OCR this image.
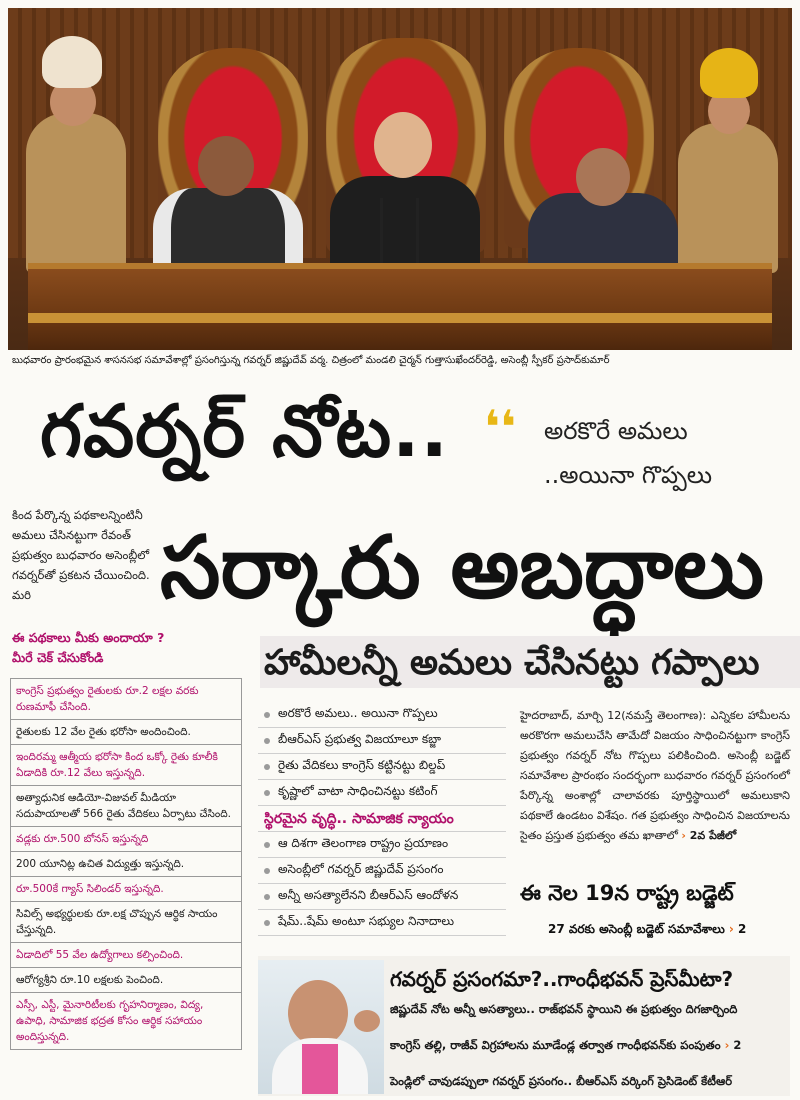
బుధవారం ప్రారంభమైన శాసనసభ సమావేశాల్లో ప్రసంగిస్తున్న గవర్నర్ జిష్ణుదేవ్ వర్మ. చిత్రంలో మండలి చైర్మన్ గుత్తాసుఖేందర్‌రెడ్డి, అసెంబ్లీ స్పీకర్ ప్రసాద్‌కుమార్
గవర్నర్ నోట.. ❛❛ అరకొరే అమలు
..అయినా గొప్పలు
సర్కారు అబద్ధాలు
కింద పేర్కొన్న పథకాలన్నింటినీ అమలు చేసినట్టుగా రేవంత్ ప్రభుత్వం బుధవారం అసెంబ్లీలో గవర్నర్‌తో ప్రకటన చేయించింది. మరి
ఈ పథకాలు మీకు అందాయా ?
మీరే చెక్ చేసుకోండి	హామీలన్నీ అమలు చేసినట్టు గప్పాలు
కాంగ్రెస్ ప్రభుత్వం రైతులకు రూ.2 లక్షల వరకు రుణమాఫీ చేసింది.
రైతులకు 12 వేల రైతు భరోసా అందించింది.
ఇందిరమ్మ ఆత్మీయ భరోసా కింద ఒక్కో రైతు కూలీకి ఏడాదికి రూ.12 వేలు ఇస్తున్నది.
అత్యాధునిక ఆడియో-విజువల్ మీడియా సదుపాయాలతో 566 రైతు వేదికలు ఏర్పాటు చేసింది.
వడ్లకు రూ.500 బోనస్ ఇస్తున్నది
200 యూనిట్ల ఉచిత విద్యుత్తు ఇస్తున్నది.
రూ.500కే గ్యాస్ సిలిండర్ ఇస్తున్నది.
సివిల్స్ అభ్యర్థులకు రూ.లక్ష చొప్పున ఆర్థిక సాయం చేస్తున్నది.
ఏడాదిలో 55 వేల ఉద్యోగాలు కల్పించింది.
ఆరోగ్యశ్రీని రూ.10 లక్షలకు పెంచింది.
ఎస్సీ, ఎస్టీ, మైనారిటీలకు గృహనిర్మాణం, విద్య, ఉపాధి, సామాజిక భద్రత కోసం ఆర్థిక సహాయం అందిస్తున్నది.
అరకొరే అమలు.. అయినా గొప్పలు
బీఆర్‌ఎస్ ప్రభుత్వ విజయాలూ కబ్జా
రైతు వేదికలు కాంగ్రెస్ కట్టినట్టు బిల్డప్
కృష్ణాలో వాటా సాధించినట్టు కటింగ్
స్థిరమైన వృద్ధి.. సామాజిక న్యాయం
ఆ దిశగా తెలంగాణ రాష్ట్రం ప్రయాణం
అసెంబ్లీలో గవర్నర్ జిష్ణుదేవ్ ప్రసంగం
అన్నీ అసత్యాలేనని బీఆర్‌ఎస్ ఆందోళన
షేమ్..షేమ్ అంటూ సభ్యుల నినాదాలు
హైదరాబాద్, మార్చి 12(నమస్తే తెలంగాణ): ఎన్నికల హామీలను అరకొరగా అమలుచేసి తామేదో విజయం సాధించినట్టుగా కాంగ్రెస్ ప్రభుత్వం గవర్నర్ నోట గొప్పలు పలికించింది. అసెంబ్లీ బడ్జెట్ సమావేశాల ప్రారంభం సందర్భంగా బుధవారం గవర్నర్ ప్రసంగంలో పేర్కొన్న అంశాల్లో చాలావరకు పూర్తిస్థాయిలో అమలుకాని పథకాలే ఉండటం విశేషం. గత ప్రభుత్వం సాధించిన విజయాలను సైతం ప్రస్తుత ప్రభుత్వం తమ ఖాతాలో › 2వ పేజీలో
ఈ నెల 19న రాష్ట్ర బడ్జెట్
27 వరకు అసెంబ్లీ బడ్జెట్ సమావేశాలు › 2
గవర్నర్ ప్రసంగమా?..గాంధీభవన్ ప్రెస్‌మీటా?
జిష్ణుదేవ్ నోట అన్నీ అసత్యాలు.. రాజ్‌భవన్ స్థాయిని ఈ ప్రభుత్వం దిగజార్చింది
కాంగ్రెస్ తల్లి, రాజీవ్ విగ్రహాలను మూడేండ్ల తర్వాత గాంధీభవన్‌కు పంపుతం › 2
పెండ్లిలో చావుడప్పులా గవర్నర్ ప్రసంగం.. బీఆర్‌ఎస్ వర్కింగ్ ప్రెసిడెంట్ కేటీఆర్
